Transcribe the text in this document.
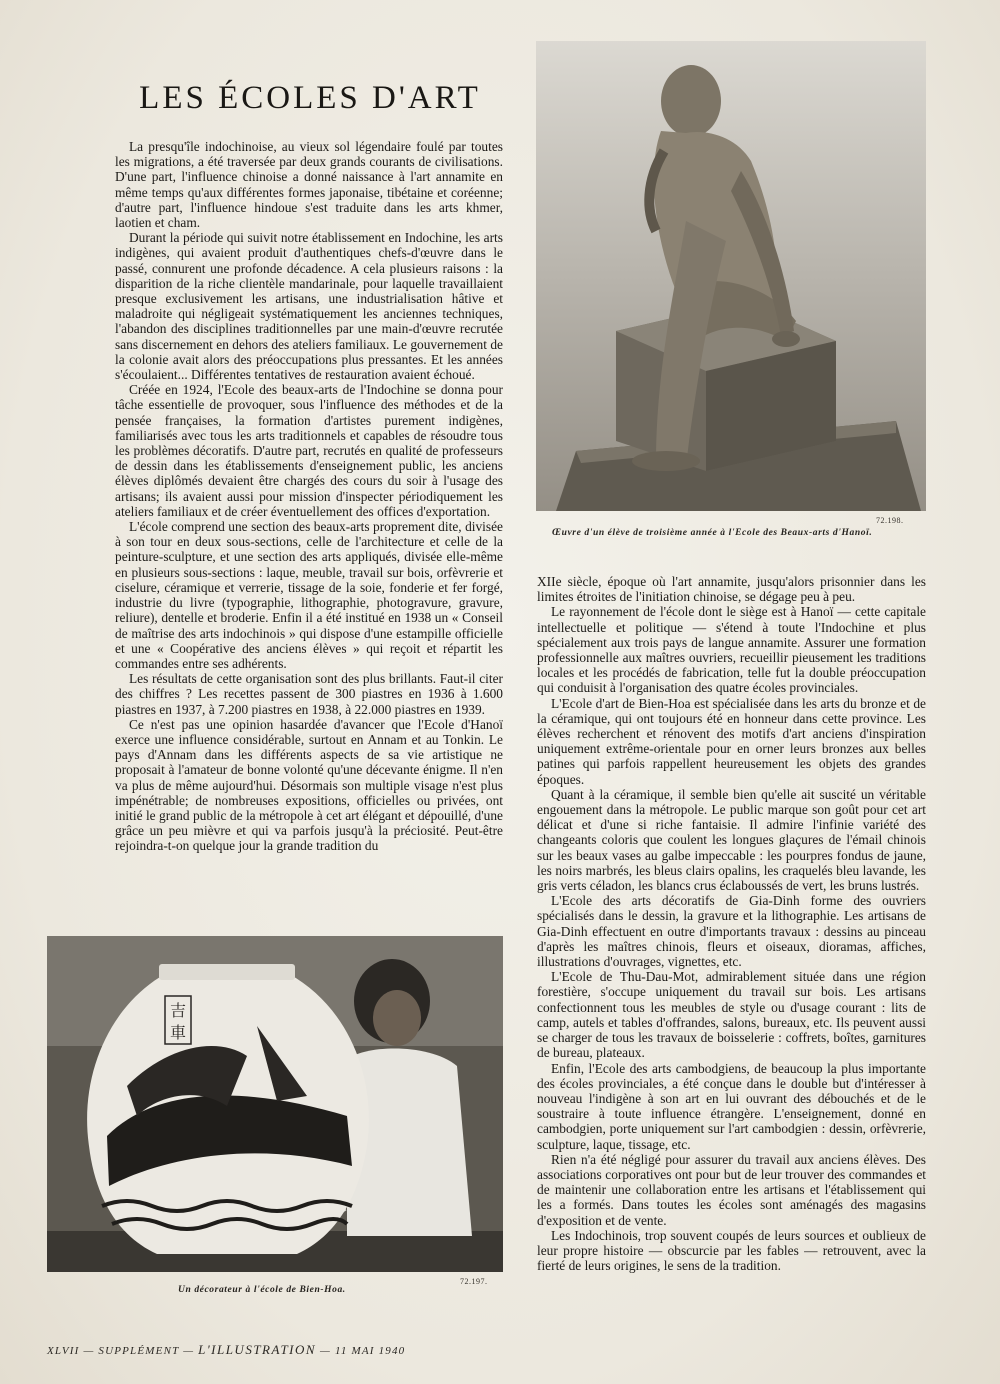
LES ÉCOLES D'ART

La presqu'île indochinoise, au vieux sol légendaire foulé par toutes les migrations, a été traversée par deux grands courants de civilisations. D'une part, l'influence chinoise a donné naissance à l'art annamite en même temps qu'aux différentes formes japonaise, tibétaine et coréenne; d'autre part, l'influence hindoue s'est traduite dans les arts khmer, laotien et cham.

Durant la période qui suivit notre établissement en Indochine, les arts indigènes, qui avaient produit d'authentiques chefs-d'œuvre dans le passé, connurent une profonde décadence. A cela plusieurs raisons : la disparition de la riche clientèle mandarinale, pour laquelle travaillaient presque exclusivement les artisans, une industrialisation hâtive et maladroite qui négligeait systématiquement les anciennes techniques, l'abandon des disciplines traditionnelles par une main-d'œuvre recrutée sans discernement en dehors des ateliers familiaux. Le gouvernement de la colonie avait alors des préoccupations plus pressantes. Et les années s'écoulaient... Différentes tentatives de restauration avaient échoué.

Créée en 1924, l'Ecole des beaux-arts de l'Indochine se donna pour tâche essentielle de provoquer, sous l'influence des méthodes et de la pensée françaises, la formation d'artistes purement indigènes, familiarisés avec tous les arts traditionnels et capables de résoudre tous les problèmes décoratifs. D'autre part, recrutés en qualité de professeurs de dessin dans les établissements d'enseignement public, les anciens élèves diplômés devaient être chargés des cours du soir à l'usage des artisans; ils avaient aussi pour mission d'inspecter périodiquement les ateliers familiaux et de créer éventuellement des offices d'exportation.

L'école comprend une section des beaux-arts proprement dite, divisée à son tour en deux sous-sections, celle de l'architecture et celle de la peinture-sculpture, et une section des arts appliqués, divisée elle-même en plusieurs sous-sections : laque, meuble, travail sur bois, orfèvrerie et ciselure, céramique et verrerie, tissage de la soie, fonderie et fer forgé, industrie du livre (typographie, lithographie, photogravure, gravure, reliure), dentelle et broderie. Enfin il a été institué en 1938 un « Conseil de maîtrise des arts indochinois » qui dispose d'une estampille officielle et une « Coopérative des anciens élèves » qui reçoit et répartit les commandes entre ses adhérents.

Les résultats de cette organisation sont des plus brillants. Faut-il citer des chiffres ? Les recettes passent de 300 piastres en 1936 à 1.600 piastres en 1937, à 7.200 piastres en 1938, à 22.000 piastres en 1939.

Ce n'est pas une opinion hasardée d'avancer que l'Ecole d'Hanoï exerce une influence considérable, surtout en Annam et au Tonkin. Le pays d'Annam dans les différents aspects de sa vie artistique ne proposait à l'amateur de bonne volonté qu'une décevante énigme. Il n'en va plus de même aujourd'hui. Désormais son multiple visage n'est plus impénétrable; de nombreuses expositions, officielles ou privées, ont initié le grand public de la métropole à cet art élégant et dépouillé, d'une grâce un peu mièvre et qui va parfois jusqu'à la préciosité. Peut-être rejoindra-t-on quelque jour la grande tradition du

72.198.
Œuvre d'un élève de troisième année à l'Ecole des Beaux-arts d'Hanoï.

XIIe siècle, époque où l'art annamite, jusqu'alors prisonnier dans les limites étroites de l'initiation chinoise, se dégage peu à peu.

Le rayonnement de l'école dont le siège est à Hanoï — cette capitale intellectuelle et politique — s'étend à toute l'Indochine et plus spécialement aux trois pays de langue annamite. Assurer une formation professionnelle aux maîtres ouvriers, recueillir pieusement les traditions locales et les procédés de fabrication, telle fut la double préoccupation qui conduisit à l'organisation des quatre écoles provinciales.

L'Ecole d'art de Bien-Hoa est spécialisée dans les arts du bronze et de la céramique, qui ont toujours été en honneur dans cette province. Les élèves recherchent et rénovent des motifs d'art anciens d'inspiration uniquement extrême-orientale pour en orner leurs bronzes aux belles patines qui parfois rappellent heureusement les objets des grandes époques.

Quant à la céramique, il semble bien qu'elle ait suscité un véritable engouement dans la métropole. Le public marque son goût pour cet art délicat et d'une si riche fantaisie. Il admire l'infinie variété des changeants coloris que coulent les longues glaçures de l'émail chinois sur les beaux vases au galbe impeccable : les pourpres fondus de jaune, les noirs marbrés, les bleus clairs opalins, les craquelés bleu lavande, les gris verts céladon, les blancs crus éclaboussés de vert, les bruns lustrés.

L'Ecole des arts décoratifs de Gia-Dinh forme des ouvriers spécialisés dans le dessin, la gravure et la lithographie. Les artisans de Gia-Dinh effectuent en outre d'importants travaux : dessins au pinceau d'après les maîtres chinois, fleurs et oiseaux, dioramas, affiches, illustrations d'ouvrages, vignettes, etc.

L'Ecole de Thu-Dau-Mot, admirablement située dans une région forestière, s'occupe uniquement du travail sur bois. Les artisans confectionnent tous les meubles de style ou d'usage courant : lits de camp, autels et tables d'offrandes, salons, bureaux, etc. Ils peuvent aussi se charger de tous les travaux de boisselerie : coffrets, boîtes, garnitures de bureau, plateaux.

Enfin, l'Ecole des arts cambodgiens, de beaucoup la plus importante des écoles provinciales, a été conçue dans le double but d'intéresser à nouveau l'indigène à son art en lui ouvrant des débouchés et de le soustraire à toute influence étrangère. L'enseignement, donné en cambodgien, porte uniquement sur l'art cambodgien : dessin, orfèvrerie, sculpture, laque, tissage, etc.

Rien n'a été négligé pour assurer du travail aux anciens élèves. Des associations corporatives ont pour but de leur trouver des commandes et de maintenir une collaboration entre les artisans et l'établissement qui les a formés. Dans toutes les écoles sont aménagés des magasins d'exposition et de vente.

Les Indochinois, trop souvent coupés de leurs sources et oublieux de leur propre histoire — obscurcie par les fables — retrouvent, avec la fierté de leurs origines, le sens de la tradition.

吉
車
Un décorateur à l'école de Bien-Hoa.
72.197.
XLVII — SUPPLÉMENT — L'ILLUSTRATION — 11 MAI 1940
